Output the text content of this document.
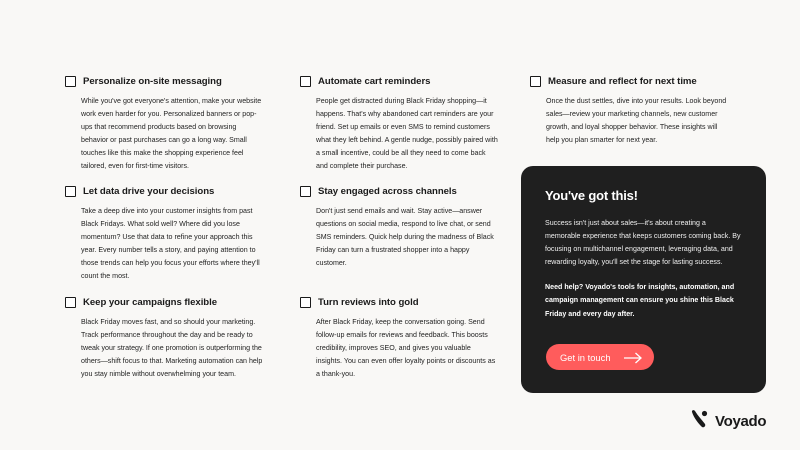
Personalize on-site messaging
While you've got everyone's attention, make your website work even harder for you. Personalized banners or pop-ups that recommend products based on browsing behavior or past purchases can go a long way. Small touches like this make the shopping experience feel tailored, even for first-time visitors.
Let data drive your decisions
Take a deep dive into your customer insights from past Black Fridays. What sold well? Where did you lose momentum? Use that data to refine your approach this year. Every number tells a story, and paying attention to those trends can help you focus your efforts where they'll count the most.
Keep your campaigns flexible
Black Friday moves fast, and so should your marketing. Track performance throughout the day and be ready to tweak your strategy. If one promotion is outperforming the others—shift focus to that. Marketing automation can help you stay nimble without overwhelming your team.
Automate cart reminders
People get distracted during Black Friday shopping—it happens. That's why abandoned cart reminders are your friend. Set up emails or even SMS to remind customers what they left behind. A gentle nudge, possibly paired with a small incentive, could be all they need to come back and complete their purchase.
Stay engaged across channels
Don't just send emails and wait. Stay active—answer questions on social media, respond to live chat, or send SMS reminders. Quick help during the madness of Black Friday can turn a frustrated shopper into a happy customer.
Turn reviews into gold
After Black Friday, keep the conversation going. Send follow-up emails for reviews and feedback. This boosts credibility, improves SEO, and gives you valuable insights. You can even offer loyalty points or discounts as a thank-you.
Measure and reflect for next time
Once the dust settles, dive into your results. Look beyond sales—review your marketing channels, new customer growth, and loyal shopper behavior. These insights will help you plan smarter for next year.
You've got this!
Success isn't just about sales—it's about creating a memorable experience that keeps customers coming back. By focusing on multichannel engagement, leveraging data, and rewarding loyalty, you'll set the stage for lasting success.
Need help? Voyado's tools for insights, automation, and campaign management can ensure you shine this Black Friday and every day after.
Get in touch
Voyado
